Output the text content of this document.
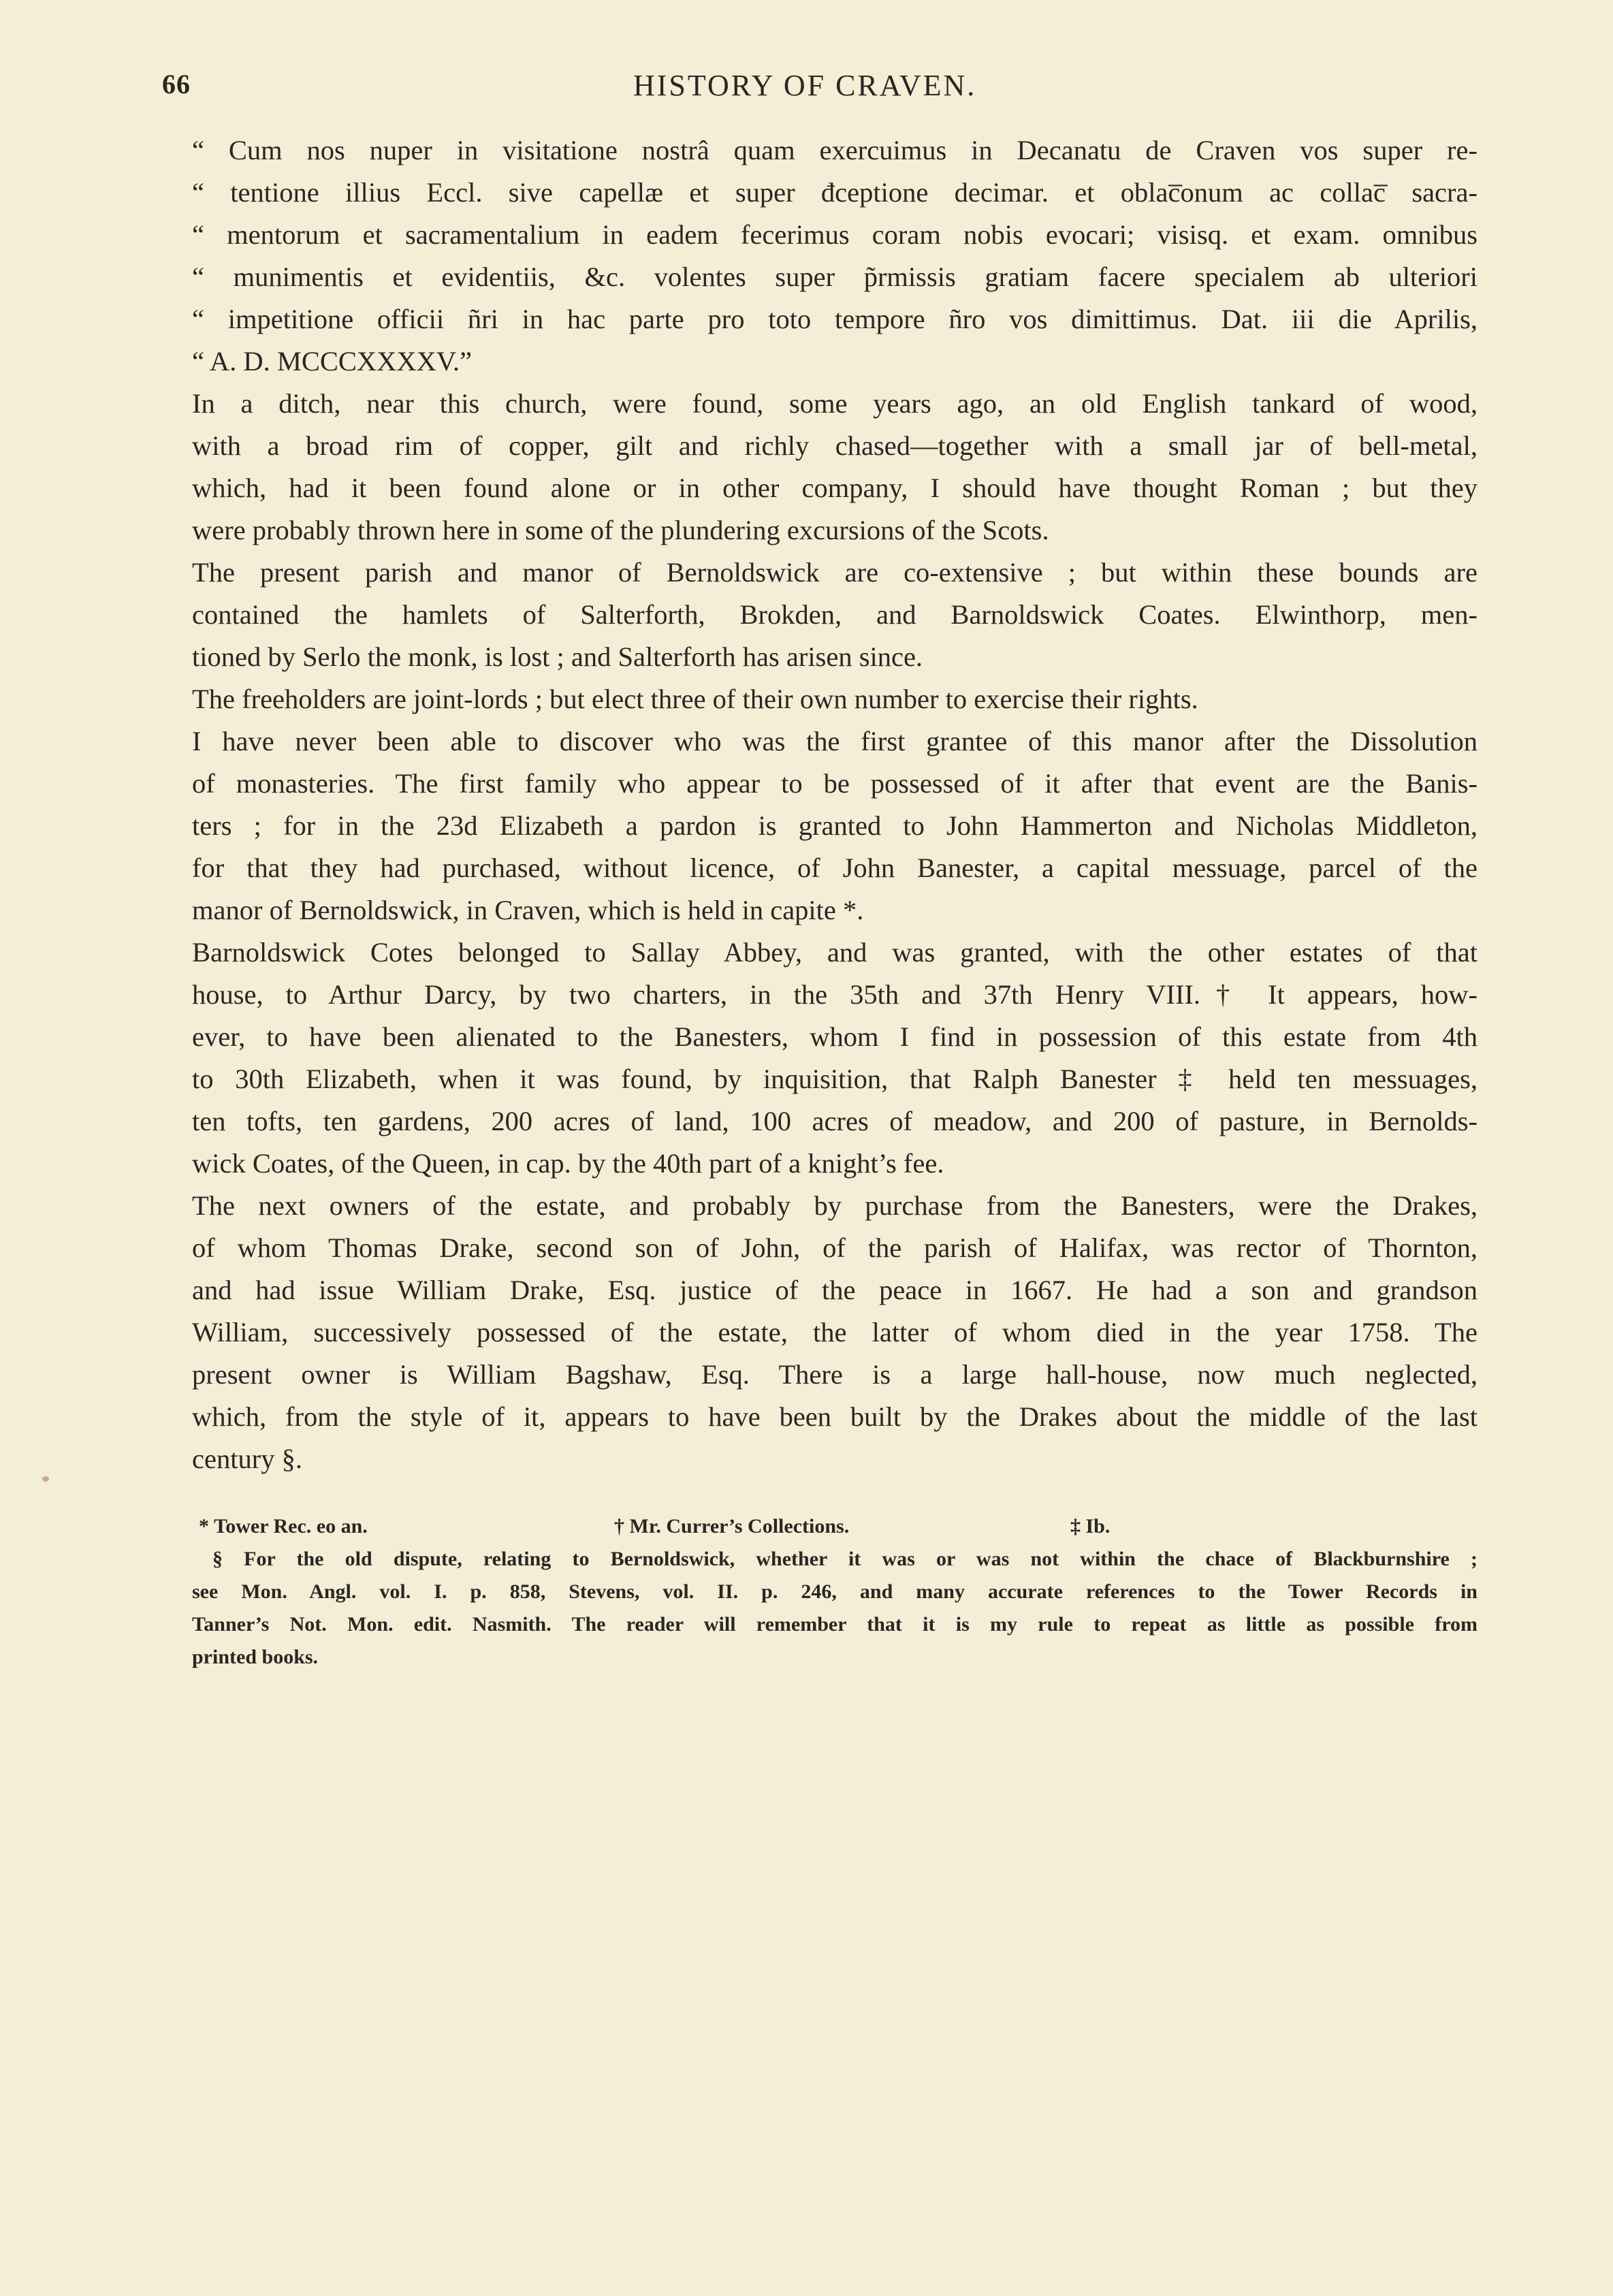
66	HISTORY OF CRAVEN.
“ Cum nos nuper in visitatione nostrâ quam exercuimus in Decanatu de Craven vos super re-
“ tentione illius Eccl. sive capellæ et super đceptione decimar. et oblac̅onum ac collac̅ sacra-
“ mentorum et sacramentalium in eadem fecerimus coram nobis evocari; visisq. et exam. omnibus
“ munimentis et evidentiis, &c. volentes super p̃rmissis gratiam facere specialem ab ulteriori
“ impetitione officii ñri in hac parte pro toto tempore ñro vos dimittimus. Dat. iii die Aprilis,
“ A. D. MCCCXXXXV.”
In a ditch, near this church, were found, some years ago, an old English tankard of wood,
with a broad rim of copper, gilt and richly chased—together with a small jar of bell-metal,
which, had it been found alone or in other company, I should have thought Roman ; but they
were probably thrown here in some of the plundering excursions of the Scots.
The present parish and manor of Bernoldswick are co-extensive ; but within these bounds are
contained the hamlets of Salterforth, Brokden, and Barnoldswick Coates. Elwinthorp, men-
tioned by Serlo the monk, is lost ; and Salterforth has arisen since.
The freeholders are joint-lords ; but elect three of their own number to exercise their rights.
I have never been able to discover who was the first grantee of this manor after the Dissolution
of monasteries. The first family who appear to be possessed of it after that event are the Banis-
ters ; for in the 23d Elizabeth a pardon is granted to John Hammerton and Nicholas Middleton,
for that they had purchased, without licence, of John Banester, a capital messuage, parcel of the
manor of Bernoldswick, in Craven, which is held in capite *.
Barnoldswick Cotes belonged to Sallay Abbey, and was granted, with the other estates of that
house, to Arthur Darcy, by two charters, in the 35th and 37th Henry VIII.† It appears, how-
ever, to have been alienated to the Banesters, whom I find in possession of this estate from 4th
to 30th Elizabeth, when it was found, by inquisition, that Ralph Banester ‡ held ten messuages,
ten tofts, ten gardens, 200 acres of land, 100 acres of meadow, and 200 of pasture, in Bernolds-
wick Coates, of the Queen, in cap. by the 40th part of a knight’s fee.
The next owners of the estate, and probably by purchase from the Banesters, were the Drakes,
of whom Thomas Drake, second son of John, of the parish of Halifax, was rector of Thornton,
and had issue William Drake, Esq. justice of the peace in 1667. He had a son and grandson
William, successively possessed of the estate, the latter of whom died in the year 1758. The
present owner is William Bagshaw, Esq. There is a large hall-house, now much neglected,
which, from the style of it, appears to have been built by the Drakes about the middle of the last
century §.
* Tower Rec. eo an.	† Mr. Currer’s Collections.	‡ Ib.
§ For the old dispute, relating to Bernoldswick, whether it was or was not within the chace of Blackburnshire ;
see Mon. Angl. vol. I. p. 858, Stevens, vol. II. p. 246, and many accurate references to the Tower Records in
Tanner’s Not. Mon. edit. Nasmith. The reader will remember that it is my rule to repeat as little as possible from
printed books.
